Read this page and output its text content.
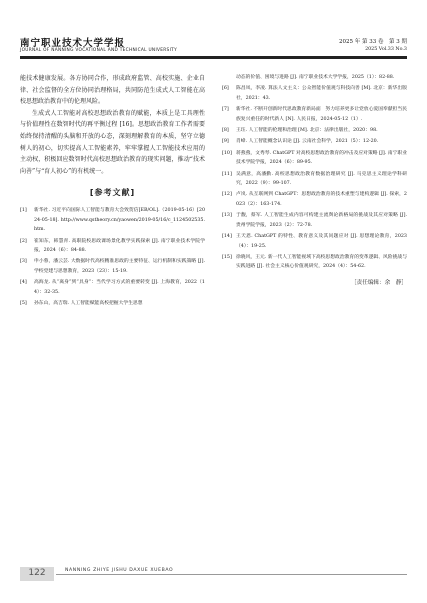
南宁职业技术大学学报
JOURNAL OF NANNING VOCATIONAL AND TECHNICAL UNIVERSITY
2025 年 第 33 卷　第 3 期
2025 Vol.33 No.3

能技术健康发展。各方协同合作，形成政府监管、高校实施、企业自律、社会监督的全方位协同治理格局，共同防范生成式人工智能在高校思想政治教育中的伦理风险。

生成式人工智能对高校思想政治教育的赋能，本质上是工具理性与价值理性在数智时代的再平衡过程 [16]。思想政治教育工作者需要始终保持清醒的头脑和开放的心态，深刻理解教育的本质，坚守立德树人的初心，切实提高人工智能素养，牢牢掌握人工智能技术应用的主动权，积极回应数智时代高校思想政治教育的现实问题，推动“技术向善”与“育人初心”的有机统一。

[参考文献]
[1] 新华社. 习近平向国际人工智能与教育大会致贺信[EB/OL].（2019-05-16）[2024-05-18]. http://www.qstheory.cn/yaowen/2019-05/16/c_1124502535.htm.
[2] 崔知东，韩慧青. 高职院校思政课场景化教学实践探索 [J]. 南宁职业技术学院学报，2024（6）：84-88.
[3] 申小蓉，潘云芸. 大数据时代高校精准思政的主要特征、运行机制和实践策略 [J]. 学校党建与思想教育，2023（23）：15-19.
[4] 高海龙. 从“离身”到“具身”：当代学习方式的重要转变 [J]. 上海教育，2022（14）：32-35.
[5] 孙东山，高吉瑞. 人工智能赋能高校把握大学生思想
动态的价值、困境与进路 [J]. 南宁职业技术大学学报，2025（1）：82-88.
[6] 陈昌凤，李凌. 算法人文主义：公众智能价值观与科技向善 [M]. 北京：新华出版社，2021：43.
[7] 新华社. 不断开创新时代思政教育新局面　努力培养更多让党放心爱国奉献担当民族复兴重任的时代新人 [N]. 人民日报，2024-05-12（1）.
[8] 王珏. 人工智能的伦理和治理 [M]. 北京：法律出版社，2020：98.
[9] 肖峰. 人工智能概念认识论 [J]. 云南社会科学，2021（5）：12-20.
[10] 蒋燕燕，文秀琴. ChatGPT 对高校思想政治教育的冲击及应对策略 [J]. 南宁职业技术学院学报，2024（6）：89-95.
[11] 吴满意，高潘勤. 高校思想政治教育数据治理研究 [J]. 马克思主义理论学科研究，2022（9）：99-107.
[12] 卢岚. 从互联网到 ChatGPT：思想政治教育的技术重塑与建构逻辑 [J]. 探索，2023（2）：163-174.
[13] 于馥，蔡军. 人工智能生成内容可构建主流舆论新格局的挑战及其应对策略 [J]. 贵州学院学报，2023（2）：72-78.
[14] 王天恩. ChatGPT 的特性、教育意义及其问题应对 [J]. 思想理论教育，2023（4）：19-25.
[15] 徐晓风，王元. 新一代人工智能视域下高校思想政治教育的变革逻辑、风险挑战与实践进路 [J]. 社会主义核心价值观研究，2024（4）：54-62.
［责任编辑：余　静］
122	NANNING ZHIYE JISHU DAXUE XUEBAO
